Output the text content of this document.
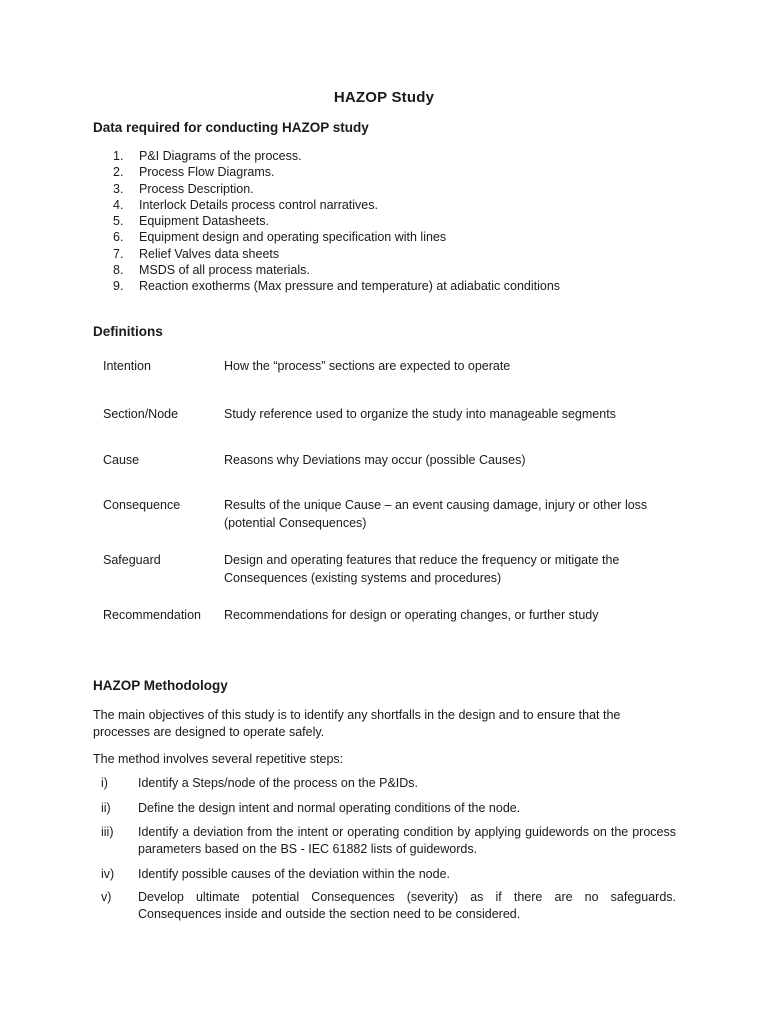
HAZOP Study
Data required for conducting HAZOP study
1. P&I Diagrams of the process.
2. Process Flow Diagrams.
3. Process Description.
4. Interlock Details process control narratives.
5. Equipment Datasheets.
6. Equipment design and operating specification with lines
7. Relief Valves data sheets
8. MSDS of all process materials.
9. Reaction exotherms (Max pressure and temperature) at adiabatic conditions
Definitions
Intention	How the “process” sections are expected to operate
Section/Node	Study reference used to organize the study into manageable segments
Cause	Reasons why Deviations may occur (possible Causes)
Consequence	Results of the unique Cause – an event causing damage, injury or other loss (potential Consequences)
Safeguard	Design and operating features that reduce the frequency or mitigate the Consequences (existing systems and procedures)
Recommendation	Recommendations for design or operating changes, or further study
HAZOP Methodology
The main objectives of this study is to identify any shortfalls in the design and to ensure that the processes are designed to operate safely.
The method involves several repetitive steps:
i)	Identify a Steps/node of the process on the P&IDs.
ii)	Define the design intent and normal operating conditions of the node.
iii)	Identify a deviation from the intent or operating condition by applying guidewords on the process parameters based on the BS - IEC 61882 lists of guidewords.
iv)	Identify possible causes of the deviation within the node.
v)	Develop ultimate potential Consequences (severity) as if there are no safeguards. Consequences inside and outside the section need to be considered.
